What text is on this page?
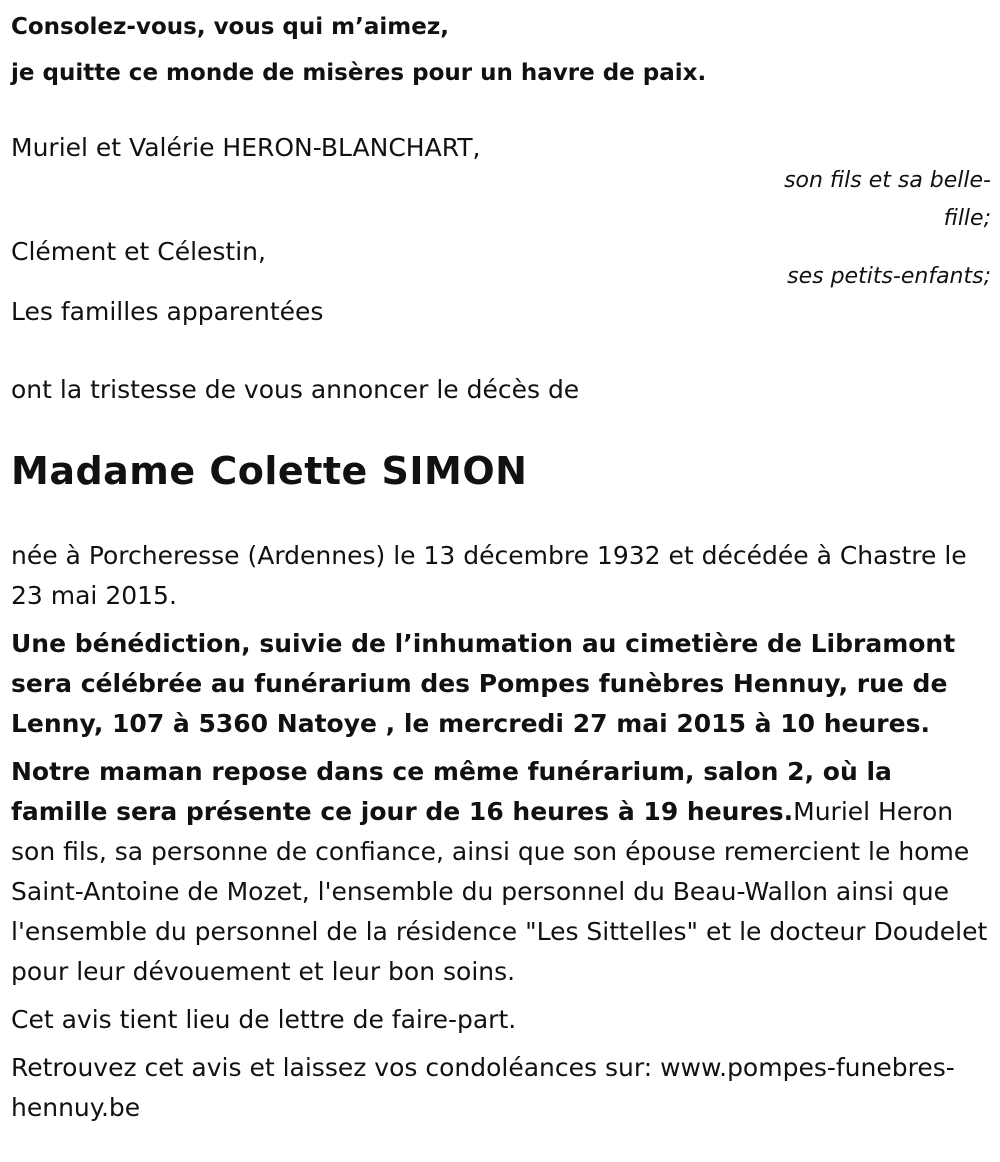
Consolez-vous, vous qui m’aimez,

je quitte ce monde de misères pour un havre de paix.

Muriel et Valérie HERON-BLANCHART,

son fils et sa belle-fille;

Clément et Célestin,

ses petits-enfants;

Les familles apparentées

ont la tristesse de vous annoncer le décès de

Madame Colette SIMON

née à Porcheresse (Ardennes) le 13 décembre 1932 et décédée à Chastre le 23 mai 2015.

Une bénédiction, suivie de l’inhumation au cimetière de Libramont sera célébrée au funérarium des Pompes funèbres Hennuy, rue de Lenny, 107 à 5360 Natoye , le mercredi 27 mai 2015 à 10 heures.

Notre maman repose dans ce même funérarium, salon 2, où la famille sera présente ce jour de 16 heures à 19 heures.Muriel Heron son fils, sa personne de confiance, ainsi que son épouse remercient le home Saint-Antoine de Mozet, l'ensemble du personnel du Beau-Wallon ainsi que l'ensemble du personnel de la résidence "Les Sittelles" et le docteur Doudelet pour leur dévouement et leur bon soins.

Cet avis tient lieu de lettre de faire-part.

Retrouvez cet avis et laissez vos condoléances sur: www.pompes-funebres-hennuy.be
